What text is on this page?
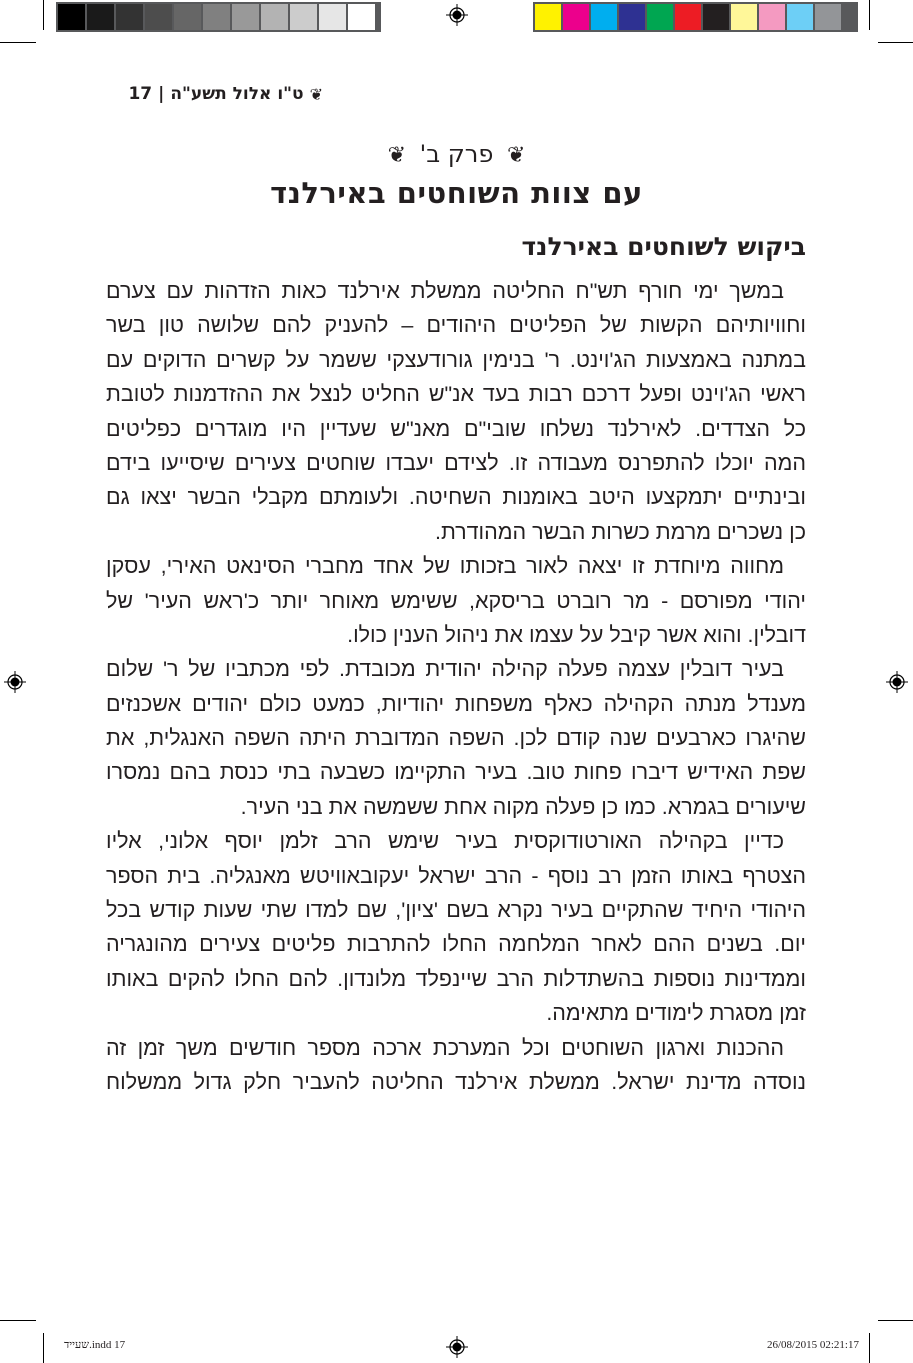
❦
ט"ו אלול תשע"ה
|
17
❦ פרק ב' ❦
עם צוות השוחטים באירלנד
ביקוש לשוחטים באירלנד
במשך ימי חורף תש"ח החליטה ממשלת אירלנד כאות הזדהות עם צערם
וחוויותיהם הקשות של הפליטים היהודים – להעניק להם שלושה טון בשר
במתנה באמצעות הג'וינט. ר' בנימין גורודעצקי ששמר על קשרים הדוקים עם
ראשי הג'וינט ופעל דרכם רבות בעד אנ"ש החליט לנצל את ההזדמנות לטובת
כל הצדדים. לאירלנד נשלחו שובי"ם מאנ"ש שעדיין היו מוגדרים כפליטים
המה יוכלו להתפרנס מעבודה זו. לצידם יעבדו שוחטים צעירים שיסייעו בידם
ובינתיים יתמקצעו היטב באומנות השחיטה. ולעומתם מקבלי הבשר יצאו גם
כן נשכרים מרמת כשרות הבשר המהודרת.
מחווה מיוחדת זו יצאה לאור בזכותו של אחד מחברי הסינאט האירי, עסקן
יהודי מפורסם - מר רוברט בריסקא, ששימש מאוחר יותר כ'ראש העיר' של
דובלין. והוא אשר קיבל על עצמו את ניהול הענין כולו.
בעיר דובלין עצמה פעלה קהילה יהודית מכובדת. לפי מכתביו של ר' שלום
מענדל מנתה הקהילה כאלף משפחות יהודיות, כמעט כולם יהודים אשכנזים
שהיגרו כארבעים שנה קודם לכן. השפה המדוברת היתה השפה האנגלית, את
שפת האידיש דיברו פחות טוב. בעיר התקיימו כשבעה בתי כנסת בהם נמסרו
שיעורים בגמרא. כמו כן פעלה מקוה אחת ששמשה את בני העיר.
כדיין בקהילה האורטודוקסית בעיר שימש הרב זלמן יוסף אלוני, אליו
הצטרף באותו הזמן רב נוסף - הרב ישראל יעקובאוויטש מאנגליה. בית הספר
היהודי היחיד שהתקיים בעיר נקרא בשם 'ציון', שם למדו שתי שעות קודש בכל
יום. בשנים ההם לאחר המלחמה החלו להתרבות פליטים צעירים מהונגריה
וממדינות נוספות בהשתדלות הרב שיינפלד מלונדון. להם החלו להקים באותו
זמן מסגרת לימודים מתאימה.
ההכנות וארגון השוחטים וכל המערכת ארכה מספר חודשים משך זמן זה
נוסדה מדינת ישראל. ממשלת אירלנד החליטה להעביר חלק גדול ממשלוח
שעייד.indd 17	26/08/2015 02:21:17
